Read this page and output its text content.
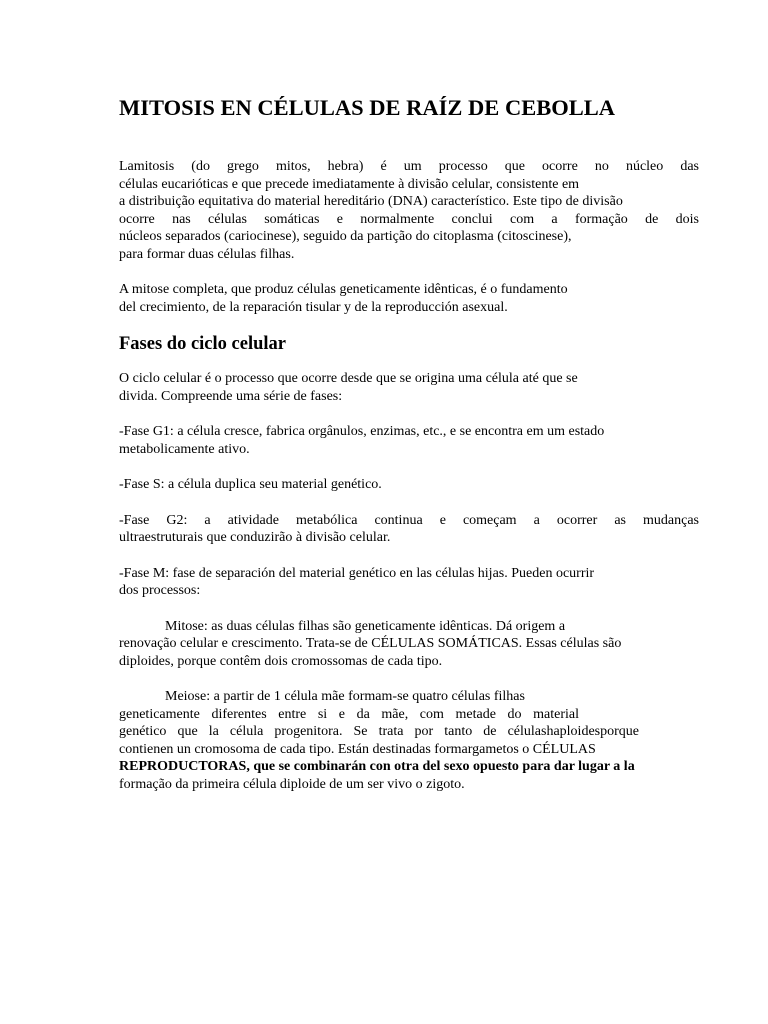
MITOSIS EN CÉLULAS DE RAÍZ DE CEBOLLA
Lamitosis (do grego mitos, hebra) é um processo que ocorre no núcleo das
células eucarióticas e que precede imediatamente à divisão celular, consistente em
a distribuição equitativa do material hereditário (DNA) característico. Este tipo de divisão
ocorre nas células somáticas e normalmente conclui com a formação de dois
núcleos separados (cariocinese), seguido da partição do citoplasma (citoscinese),
para formar duas células filhas.
A mitose completa, que produz células geneticamente idênticas, é o fundamento
del crecimiento, de la reparación tisular y de la reproducción asexual.
Fases do ciclo celular
O ciclo celular é o processo que ocorre desde que se origina uma célula até que se
divida. Compreende uma série de fases:
-Fase G1: a célula cresce, fabrica orgânulos, enzimas, etc., e se encontra em um estado
metabolicamente ativo.
-Fase S: a célula duplica seu material genético.
-Fase G2: a atividade metabólica continua e começam a ocorrer as mudanças
ultraestruturais que conduzirão à divisão celular.
-Fase M: fase de separación del material genético en las células hijas. Pueden ocurrir
dos processos:
Mitose: as duas células filhas são geneticamente idênticas. Dá origem a
renovação celular e crescimento. Trata-se de CÉLULAS SOMÁTICAS. Essas células são
diploides, porque contêm dois cromossomas de cada tipo.
Meiose: a partir de 1 célula mãe formam-se quatro células filhas
geneticamente diferentes entre si e da mãe, com metade do material
genético que la célula progenitora. Se trata por tanto de célulashaploidesporque
contienen un cromosoma de cada tipo. Están destinadas formargametos o CÉLULAS
REPRODUCTORAS, que se combinarán con otra del sexo opuesto para dar lugar a la
formação da primeira célula diploide de um ser vivo o zigoto.
